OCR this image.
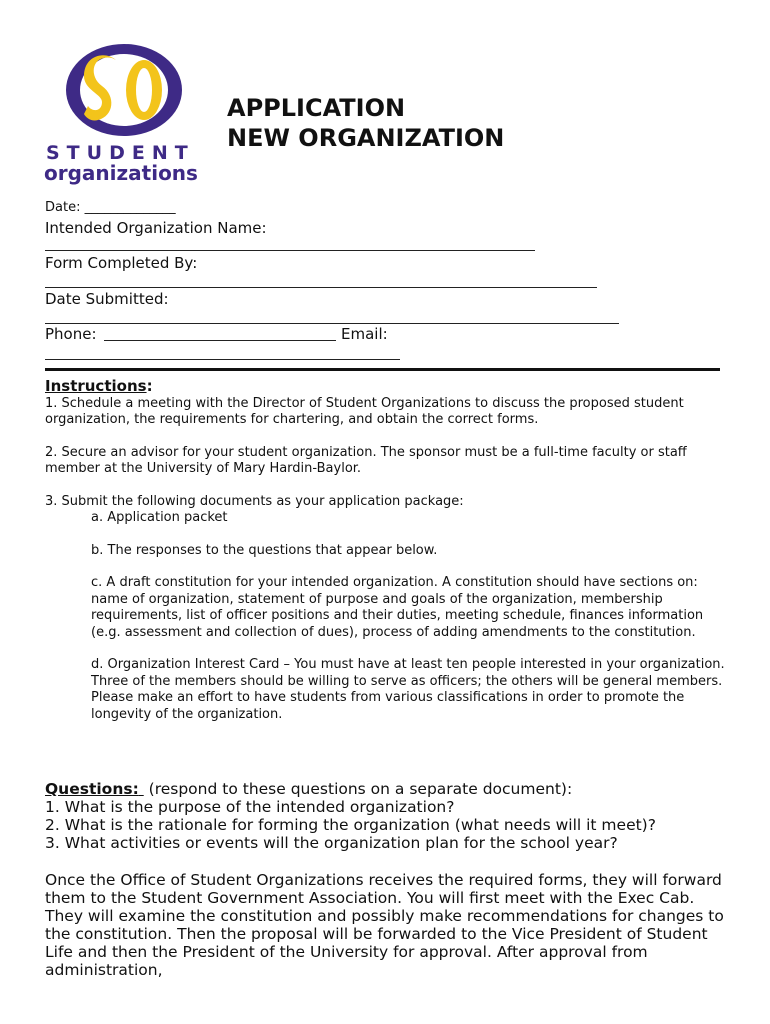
STUDENT
organizations
APPLICATION
NEW ORGANIZATION
Date: ______________
Intended Organization Name:
Form Completed By:
Date Submitted:
Phone:	Email:
Instructions:

1. Schedule a meeting with the Director of Student Organizations to discuss the proposed student organization, the requirements for chartering, and obtain the correct forms.

2. Secure an advisor for your student organization. The sponsor must be a full-time faculty or staff member at the University of Mary Hardin-Baylor.

3. Submit the following documents as your application package:

a. Application packet

b. The responses to the questions that appear below.

c. A draft constitution for your intended organization. A constitution should have sections on:

name of organization, statement of purpose and goals of the organization, membership requirements, list of officer positions and their duties, meeting schedule, finances information (e.g. assessment and collection of dues), process of adding amendments to the constitution.

d. Organization Interest Card – You must have at least ten people interested in your organization. Three of the members should be willing to serve as officers; the others will be general members. Please make an effort to have students from various classifications in order to promote the longevity of the organization.

Questions:  (respond to these questions on a separate document):
1. What is the purpose of the intended organization?
2. What is the rationale for forming the organization (what needs will it meet)?
3. What activities or events will the organization plan for the school year?
Once the Office of Student Organizations receives the required forms, they will forward them to the Student Government Association. You will first meet with the Exec Cab. They will examine the constitution and possibly make recommendations for changes to the constitution. Then the proposal will be forwarded to the Vice President of Student Life and then the President of the University for approval. After approval from administration,
